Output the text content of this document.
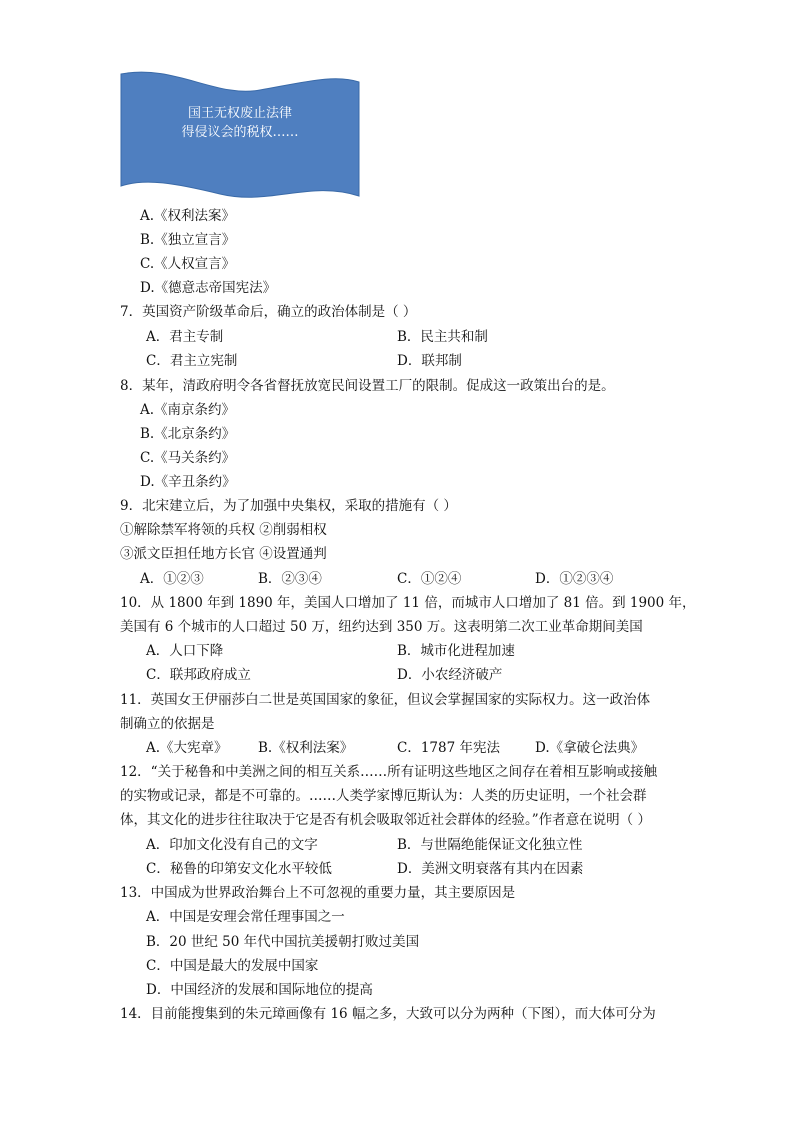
国王无权废止法律
得侵议会的税权……
A.《权利法案》
B.《独立宣言》
C.《人权宣言》
D.《德意志帝国宪法》
7．英国资产阶级革命后，确立的政治体制是（ ）
A．君主专制	B．民主共和制
C．君主立宪制	D．联邦制
8．某年，清政府明令各省督抚放宽民间设置工厂的限制。促成这一政策出台的是。
A.《南京条约》
B.《北京条约》
C.《马关条约》
D.《辛丑条约》
9．北宋建立后，为了加强中央集权，采取的措施有（ ）
①解除禁军将领的兵权 ②削弱相权
③派文臣担任地方长官 ④设置通判
A．①②③	B．②③④	C．①②④	D．①②③④
10．从 1800 年到 1890 年，美国人口增加了 11 倍，而城市人口增加了 81 倍。到 1900 年，
美国有 6 个城市的人口超过 50 万，纽约达到 350 万。这表明第二次工业革命期间美国
A．人口下降	B．城市化进程加速
C．联邦政府成立	D．小农经济破产
11．英国女王伊丽莎白二世是英国国家的象征，但议会掌握国家的实际权力。这一政治体
制确立的依据是
A.《大宪章》 B.《权利法案》	C．1787 年宪法	D.《拿破仑法典》
12．“关于秘鲁和中美洲之间的相互关系……所有证明这些地区之间存在着相互影响或接触
的实物或记录，都是不可靠的。……人类学家博厄斯认为：人类的历史证明，一个社会群
体，其文化的进步往往取决于它是否有机会吸取邻近社会群体的经验。”作者意在说明（ ）
A．印加文化没有自己的文字	B．与世隔绝能保证文化独立性
C．秘鲁的印第安文化水平较低	D．美洲文明衰落有其内在因素
13．中国成为世界政治舞台上不可忽视的重要力量，其主要原因是
A．中国是安理会常任理事国之一
B．20 世纪 50 年代中国抗美援朝打败过美国
C．中国是最大的发展中国家
D．中国经济的发展和国际地位的提高
14．目前能搜集到的朱元璋画像有 16 幅之多，大致可以分为两种（下图），而大体可分为
